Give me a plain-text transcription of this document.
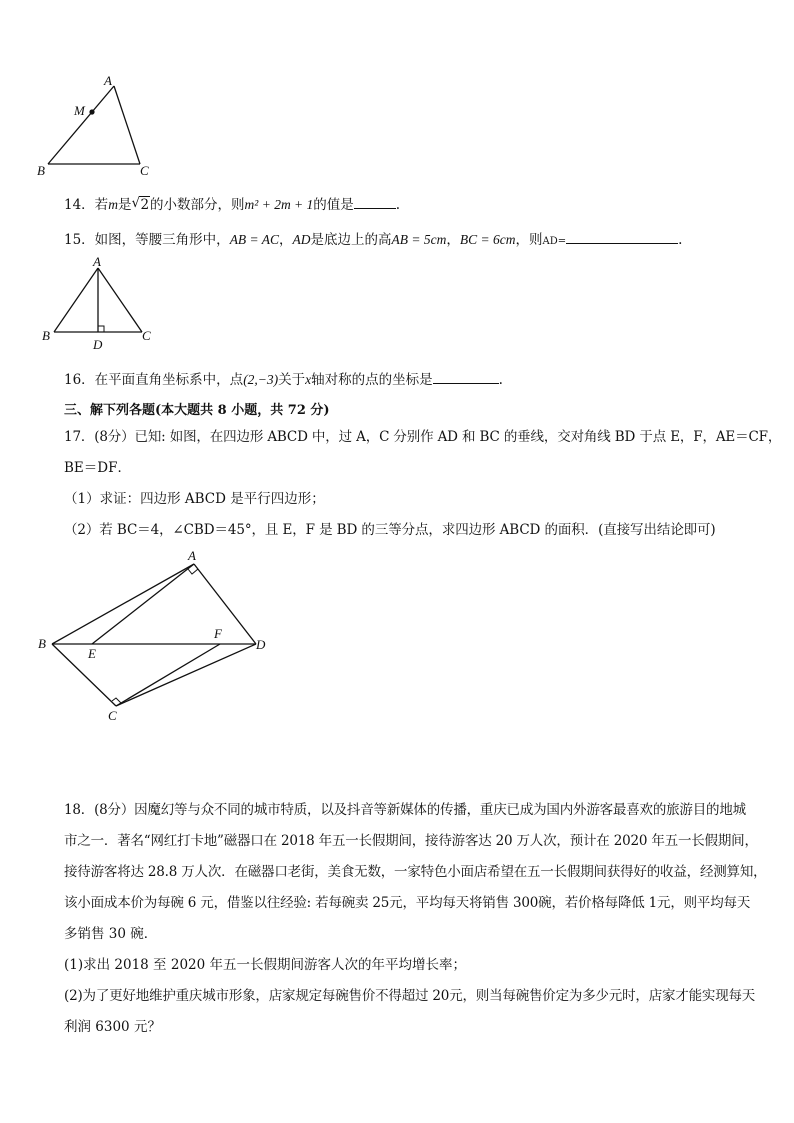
A
M
B	C
14．若m是 √ 2的小数部分，则m² + 2m + 1的值是	.
15．如图，等腰三角形中，AB = AC，AD是底边上的高AB = 5cm，BC = 6cm，则AD=	.
A
B	C
D
16．在平面直角坐标系中，点(2,−3)关于x轴对称的点的坐标是	.
三、解下列各题(本大题共 8 小题，共 72 分)
17．(8分）已知: 如图，在四边形 ABCD 中，过 A，C 分别作 AD 和 BC 的垂线，交对角线 BD 于点 E，F，AE＝CF，
BE＝DF．
（1）求证：四边形 ABCD 是平行四边形；
（2）若 BC＝4，∠CBD＝45°，且 E，F 是 BD 的三等分点，求四边形 ABCD 的面积．(直接写出结论即可)
A
B
C
D
E
F
18．(8分）因魔幻等与众不同的城市特质，以及抖音等新媒体的传播，重庆已成为国内外游客最喜欢的旅游目的地城
市之一．著名“网红打卡地”磁器口在 2018 年五一长假期间，接待游客达 20 万人次，预计在 2020 年五一长假期间，
接待游客将达 28.8 万人次．在磁器口老街，美食无数，一家特色小面店希望在五一长假期间获得好的收益，经测算知，
该小面成本价为每碗 6 元，借鉴以往经验: 若每碗卖 25元，平均每天将销售 300碗，若价格每降低 1元，则平均每天
多销售 30 碗．
(1)求出 2018 至 2020 年五一长假期间游客人次的年平均增长率；
(2)为了更好地维护重庆城市形象，店家规定每碗售价不得超过 20元，则当每碗售价定为多少元时，店家才能实现每天
利润 6300 元？
